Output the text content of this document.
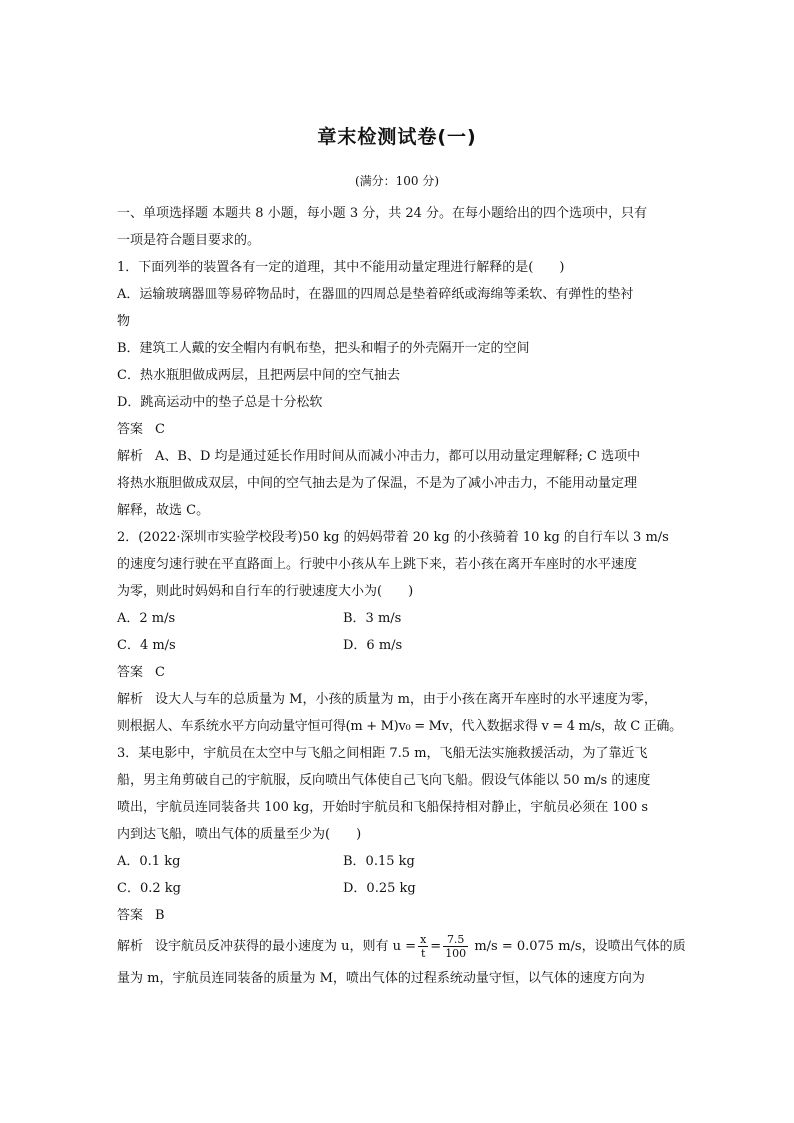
章末检测试卷(一)
(满分：100 分)
一、单项选择题 本题共 8 小题，每小题 3 分，共 24 分。在每小题给出的四个选项中，只有
一项是符合题目要求的。
1．下面列举的装置各有一定的道理，其中不能用动量定理进行解释的是(　　)
A．运输玻璃器皿等易碎物品时，在器皿的四周总是垫着碎纸或海绵等柔软、有弹性的垫衬
物
B．建筑工人戴的安全帽内有帆布垫，把头和帽子的外壳隔开一定的空间
C．热水瓶胆做成两层，且把两层中间的空气抽去
D．跳高运动中的垫子总是十分松软
答案 C
解析 A、B、D 均是通过延长作用时间从而减小冲击力，都可以用动量定理解释; C 选项中
将热水瓶胆做成双层，中间的空气抽去是为了保温，不是为了减小冲击力，不能用动量定理
解释，故选 C。
2．(2022·深圳市实验学校段考)50 kg 的妈妈带着 20 kg 的小孩骑着 10 kg 的自行车以 3 m/s
的速度匀速行驶在平直路面上。行驶中小孩从车上跳下来，若小孩在离开车座时的水平速度
为零，则此时妈妈和自行车的行驶速度大小为(　　)
A．2 m/s	B．3 m/s
C．4 m/s	D．6 m/s
答案 C
解析 设大人与车的总质量为 M，小孩的质量为 m，由于小孩在离开车座时的水平速度为零，
则根据人、车系统水平方向动量守恒可得(m + M)v₀ = Mv，代入数据求得 v = 4 m/s，故 C 正确。
3．某电影中，宇航员在太空中与飞船之间相距 7.5 m，飞船无法实施救援活动，为了靠近飞
船，男主角剪破自己的宇航服，反向喷出气体使自己飞向飞船。假设气体能以 50 m/s 的速度
喷出，宇航员连同装备共 100 kg，开始时宇航员和飞船保持相对静止，宇航员必须在 100 s
内到达飞船，喷出气体的质量至少为(　　)
A．0.1 kg	B．0.15 kg
C．0.2 kg	D．0.25 kg
答案 B
解析 设宇航员反冲获得的最小速度为 u，则有 $u = \frac{x}{t} = \frac{7.5}{100} m/s = 0.075$ m/s，设喷出气体的质
量为 m，宇航员连同装备的质量为 M，喷出气体的过程系统动量守恒，以气体的速度方向为
